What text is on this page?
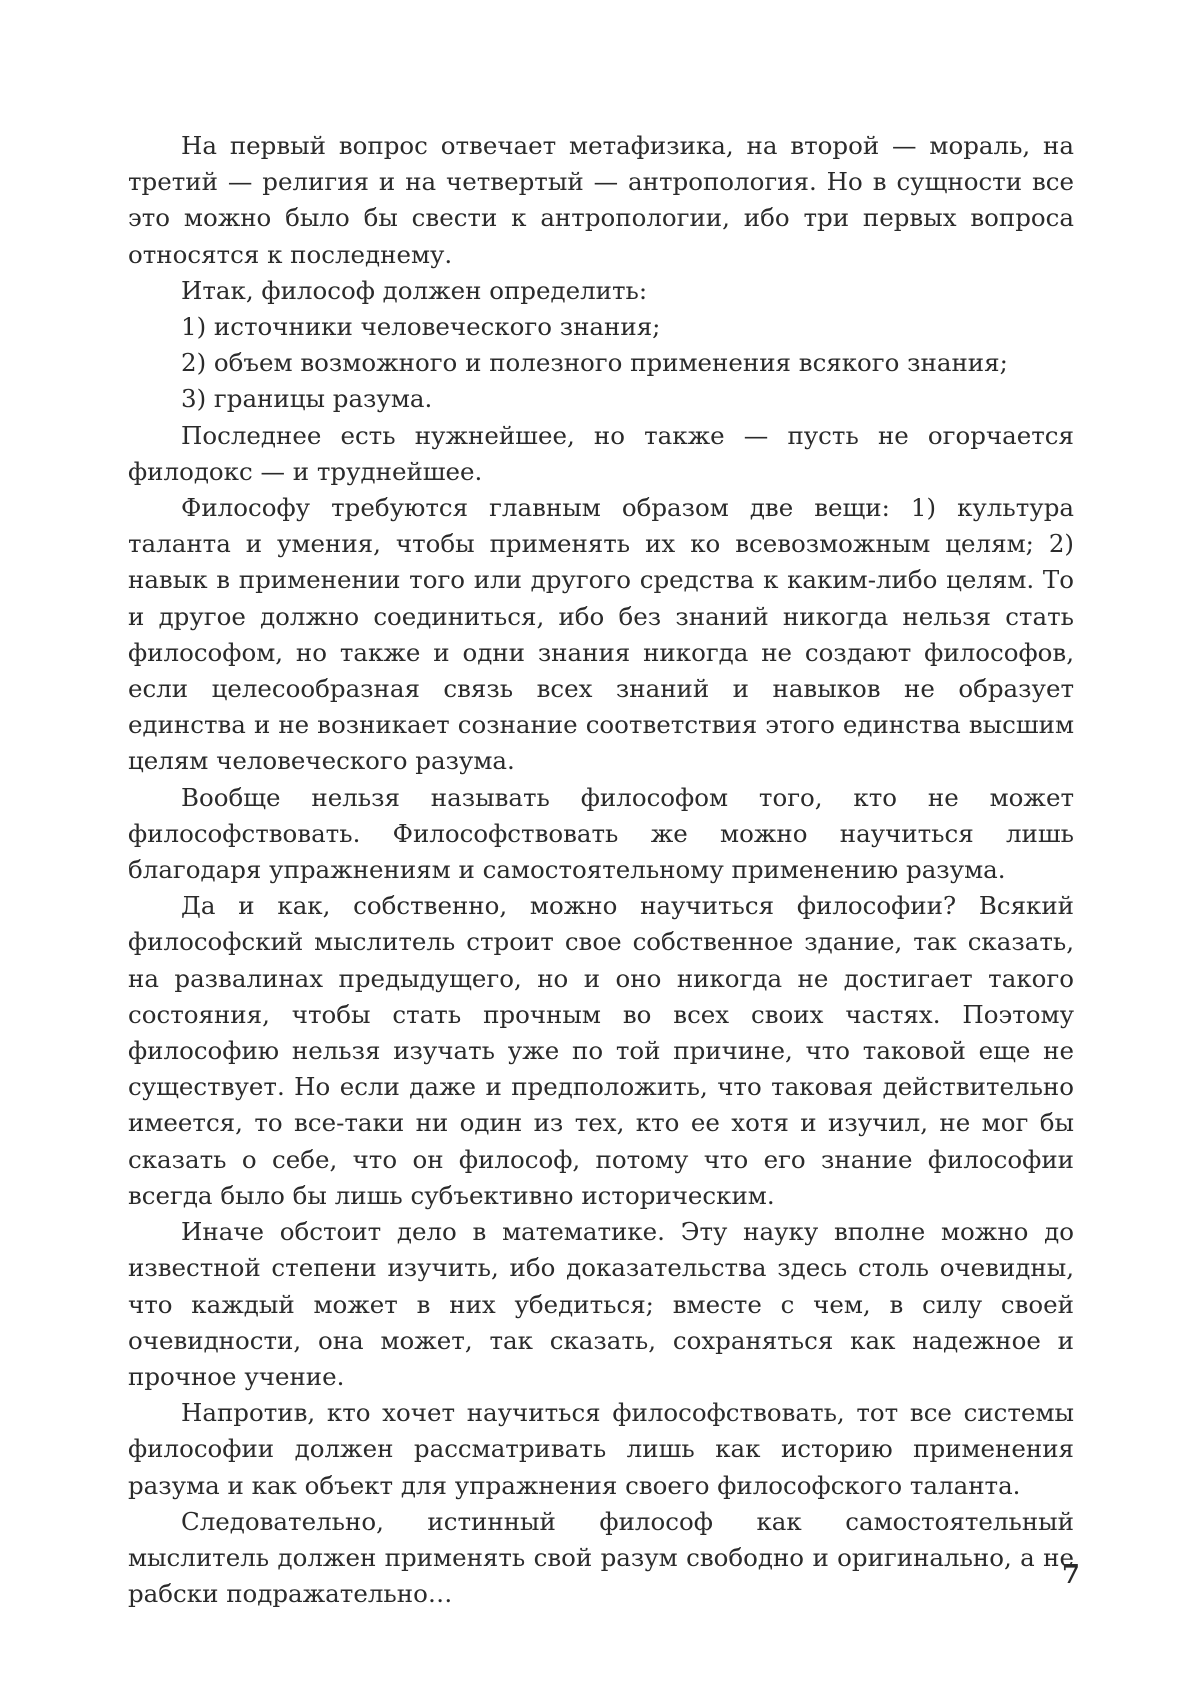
На первый вопрос отвечает метафизика, на второй — мораль, на третий — религия и на четвертый — антропология. Но в сущности все это можно было бы свести к антропологии, ибо три первых вопроса относятся к последнему.

Итак, философ должен определить:

1) источники человеческого знания;

2) объем возможного и полезного применения всякого знания;

3) границы разума.

Последнее есть нужнейшее, но также — пусть не огорчается филодокс — и труднейшее.

Философу требуются главным образом две вещи: 1) культура таланта и умения, чтобы применять их ко всевозможным целям; 2) навык в применении того или другого средства к каким-либо целям. То и другое должно соединиться, ибо без знаний никогда нельзя стать философом, но также и одни знания никогда не создают философов, если целесообразная связь всех знаний и навыков не образует единства и не возникает сознание соответствия этого единства высшим целям человеческого разума.

Вообще нельзя называть философом того, кто не может философствовать. Философствовать же можно научиться лишь благодаря упражнениям и самостоятельному применению разума.

Да и как, собственно, можно научиться философии? Всякий философский мыслитель строит свое собственное здание, так сказать, на развалинах предыдущего, но и оно никогда не достигает такого состояния, чтобы стать прочным во всех своих частях. Поэтому философию нельзя изучать уже по той причине, что таковой еще не существует. Но если даже и предположить, что таковая действительно имеется, то все-таки ни один из тех, кто ее хотя и изучил, не мог бы сказать о себе, что он философ, потому что его знание философии всегда было бы лишь субъективно историческим.

Иначе обстоит дело в математике. Эту науку вполне можно до известной степени изучить, ибо доказательства здесь столь очевидны, что каждый может в них убедиться; вместе с чем, в силу своей очевидности, она может, так сказать, сохраняться как надежное и прочное учение.

Напротив, кто хочет научиться философствовать, тот все системы философии должен рассматривать лишь как историю применения разума и как объект для упражнения своего философского таланта.

Следовательно, истинный философ как самостоятельный мыслитель должен применять свой разум свободно и оригинально, а не рабски подражательно…

7
